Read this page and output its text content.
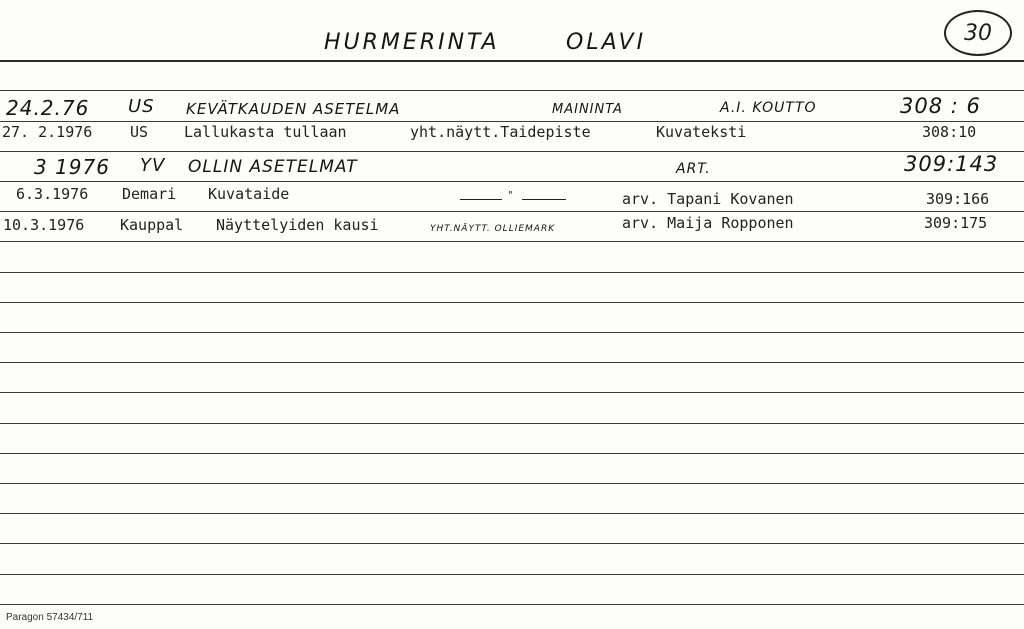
HURMERINTA	OLAVI	30
24.2.76 US KEVÄTKAUDEN ASETELMA	MAININTA	A.I. KOUTTO	308 : 6
27. 2.1976	US Lallukasta tullaan	yht.näytt.Taidepiste	Kuvateksti	308:10
3 1976 YV OLLIN ASETELMAT	ART.	309:143
6.3.1976 Demari Kuvataide	"	arv. Tapani Kovanen	309:166
10.3.1976 Kauppal Näyttelyiden kausi	YHT.NÄYTT. OLLIEMARK	arv. Maija Ropponen	309:175
Paragon 57434/711
